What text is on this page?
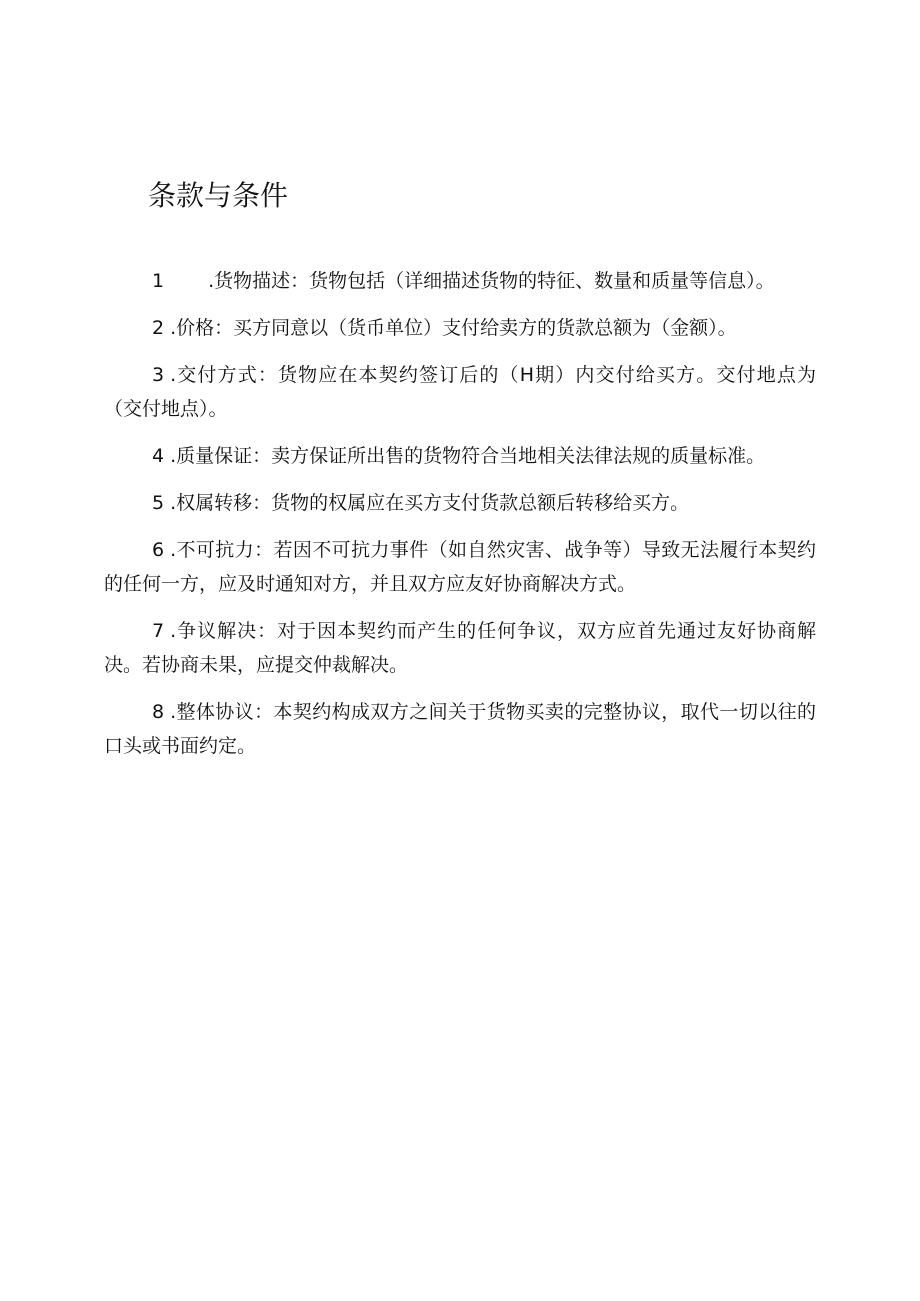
条款与条件

1 .货物描述：货物包括（详细描述货物的特征、数量和质量等信息）。

2 .价格：买方同意以（货币单位）支付给卖方的货款总额为（金额）。

3 .交付方式：货物应在本契约签订后的（H期）内交付给买方。交付地点为（交付地点）。

4 .质量保证：卖方保证所出售的货物符合当地相关法律法规的质量标准。

5 .权属转移：货物的权属应在买方支付货款总额后转移给买方。

6 .不可抗力：若因不可抗力事件（如自然灾害、战争等）导致无法履行本契约的任何一方，应及时通知对方，并且双方应友好协商解决方式。

7 .争议解决：对于因本契约而产生的任何争议，双方应首先通过友好协商解决。若协商未果，应提交仲裁解决。

8 .整体协议：本契约构成双方之间关于货物买卖的完整协议，取代一切以往的口头或书面约定。
